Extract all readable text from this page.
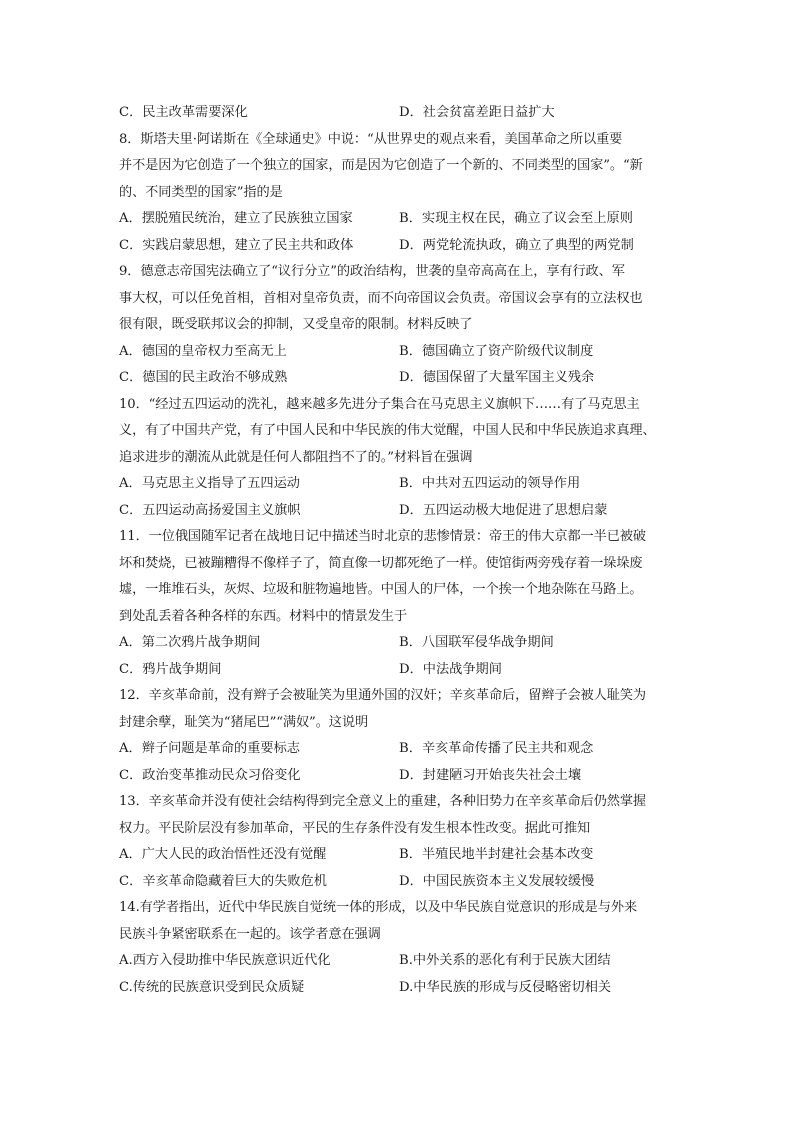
C．民主改革需要深化	D．社会贫富差距日益扩大
8．斯塔夫里·阿诺斯在《全球通史》中说：“从世界史的观点来看，美国革命之所以重要
并不是因为它创造了一个独立的国家，而是因为它创造了一个新的、不同类型的国家”。“新
的、不同类型的国家”指的是
A．摆脱殖民统治，建立了民族独立国家	B．实现主权在民，确立了议会至上原则
C．实践启蒙思想，建立了民主共和政体	D．两党轮流执政，确立了典型的两党制
9．德意志帝国宪法确立了“议行分立”的政治结构，世袭的皇帝高高在上，享有行政、军
事大权，可以任免首相，首相对皇帝负责，而不向帝国议会负责。帝国议会享有的立法权也
很有限，既受联邦议会的抑制，又受皇帝的限制。材料反映了
A．德国的皇帝权力至高无上	B．德国确立了资产阶级代议制度
C．德国的民主政治不够成熟	D．德国保留了大量军国主义残余
10．“经过五四运动的洗礼，越来越多先进分子集合在马克思主义旗帜下……有了马克思主
义，有了中国共产党，有了中国人民和中华民族的伟大觉醒，中国人民和中华民族追求真理、
追求进步的潮流从此就是任何人都阻挡不了的。”材料旨在强调
A．马克思主义指导了五四运动	B．中共对五四运动的领导作用
C．五四运动高扬爱国主义旗帜	D．五四运动极大地促进了思想启蒙
11．一位俄国随军记者在战地日记中描述当时北京的悲惨情景：帝王的伟大京都一半已被破
坏和焚烧，已被蹦糟得不像样子了，简直像一切都死绝了一样。使馆街两旁残存着一垛垛废
墟，一堆堆石头，灰烬、垃圾和脏物遍地皆。中国人的尸体，一个挨一个地杂陈在马路上。
到处乱丢着各种各样的东西。材料中的情景发生于
A．第二次鸦片战争期间	B．八国联军侵华战争期间
C．鸦片战争期间	D．中法战争期间
12．辛亥革命前，没有辫子会被耻笑为里通外国的汉奸；辛亥革命后，留辫子会被人耻笑为
封建余孽，耻笑为“猪尾巴”“满奴”。这说明
A．辫子问题是革命的重要标志	B．辛亥革命传播了民主共和观念
C．政治变革推动民众习俗变化	D．封建陋习开始丧失社会土壤
13．辛亥革命并没有使社会结构得到完全意义上的重建，各种旧势力在辛亥革命后仍然掌握
权力。平民阶层没有参加革命，平民的生存条件没有发生根本性改变。据此可推知
A．广大人民的政治悟性还没有觉醒	B．半殖民地半封建社会基本改变
C．辛亥革命隐藏着巨大的失败危机	D．中国民族资本主义发展较缓慢
14.有学者指出，近代中华民族自觉统一体的形成，以及中华民族自觉意识的形成是与外来
民族斗争紧密联系在一起的。该学者意在强调
A.西方入侵助推中华民族意识近代化	B.中外关系的恶化有利于民族大团结
C.传统的民族意识受到民众质疑	D.中华民族的形成与反侵略密切相关
